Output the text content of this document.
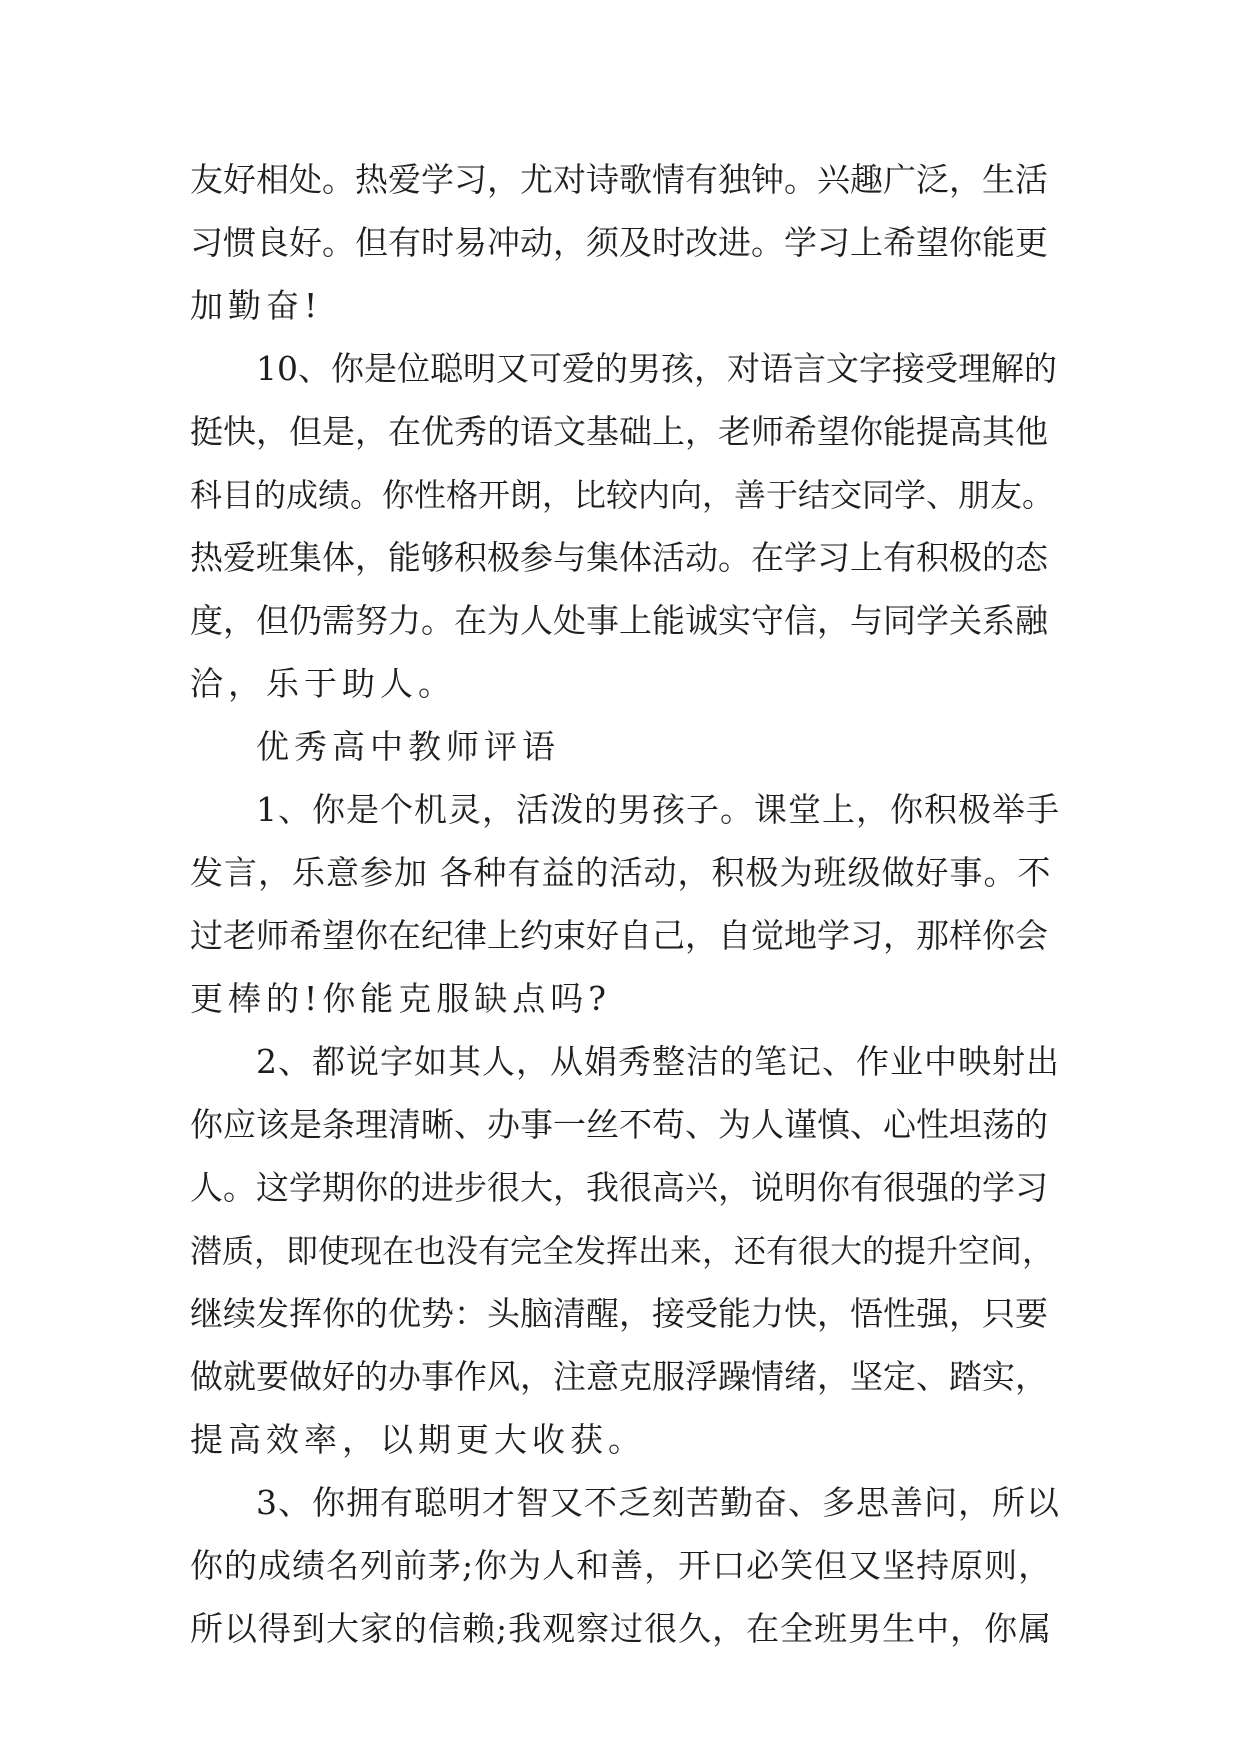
友好相处。热爱学习，尤对诗歌情有独钟。兴趣广泛，生活
习惯良好。但有时易冲动，须及时改进。学习上希望你能更
加勤奋!
10、你是位聪明又可爱的男孩，对语言文字接受理解的
挺快，但是，在优秀的语文基础上，老师希望你能提高其他
科目的成绩。你性格开朗，比较内向，善于结交同学、朋友。
热爱班集体，能够积极参与集体活动。在学习上有积极的态
度，但仍需努力。在为人处事上能诚实守信，与同学关系融
洽，乐于助人。
优秀高中教师评语
1、你是个机灵，活泼的男孩子。课堂上，你积极举手
发言，乐意参加 各种有益的活动，积极为班级做好事。不
过老师希望你在纪律上约束好自己，自觉地学习，那样你会
更棒的!你能克服缺点吗?
2、都说字如其人，从娟秀整洁的笔记、作业中映射出
你应该是条理清晰、办事一丝不苟、为人谨慎、心性坦荡的
人。这学期你的进步很大，我很高兴，说明你有很强的学习
潜质，即使现在也没有完全发挥出来，还有很大的提升空间，
继续发挥你的优势：头脑清醒，接受能力快，悟性强，只要
做就要做好的办事作风，注意克服浮躁情绪，坚定、踏实，
提高效率，以期更大收获。
3、你拥有聪明才智又不乏刻苦勤奋、多思善问，所以
你的成绩名列前茅;你为人和善，开口必笑但又坚持原则，
所以得到大家的信赖;我观察过很久，在全班男生中，你属
